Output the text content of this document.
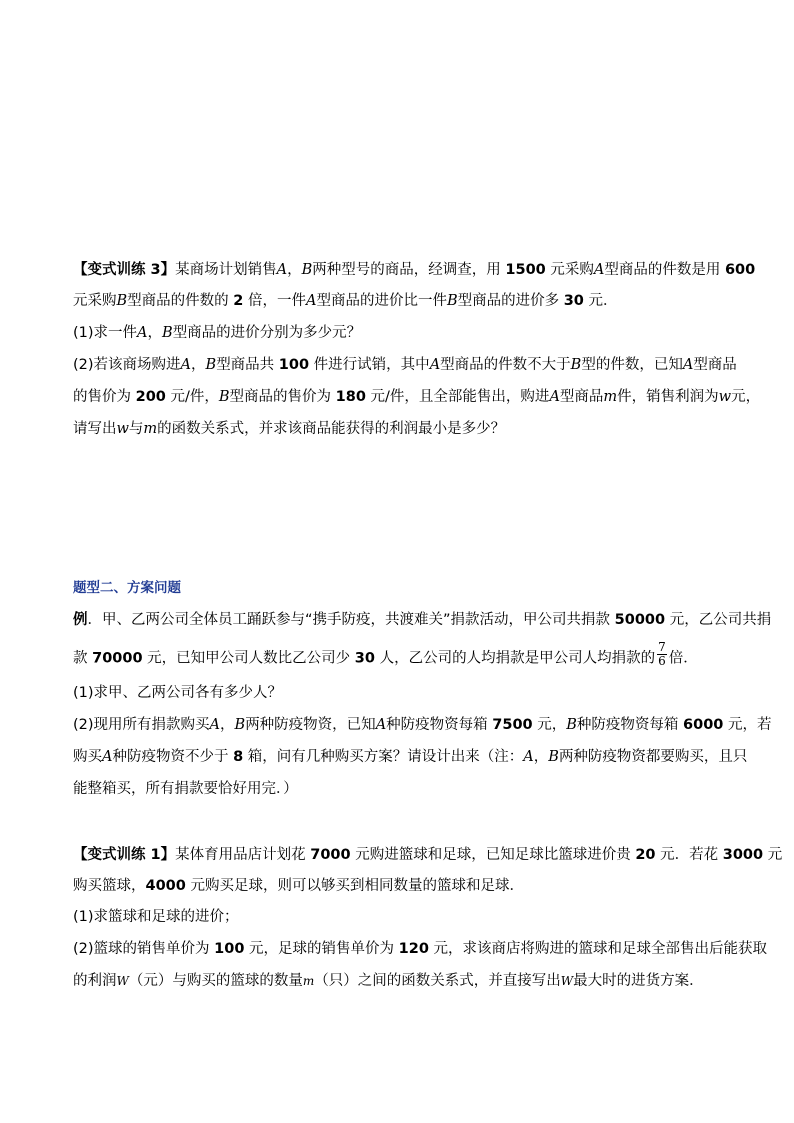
【变式训练 3】某商场计划销售A，B两种型号的商品，经调查，用 1500 元采购A型商品的件数是用 600
元采购B型商品的件数的 2 倍，一件A型商品的进价比一件B型商品的进价多 30 元．
(1)求一件A，B型商品的进价分别为多少元？
(2)若该商场购进A，B型商品共 100 件进行试销，其中A型商品的件数不大于B型的件数，已知A型商品
的售价为 200 元/件，B型商品的售价为 180 元/件，且全部能售出，购进A型商品m件，销售利润为w元，
请写出w与m的函数关系式，并求该商品能获得的利润最小是多少？
题型二、方案问题
例．甲、乙两公司全体员工踊跃参与“携手防疫，共渡难关”捐款活动，甲公司共捐款 50000 元，乙公司共捐
款 70000 元，已知甲公司人数比乙公司少 30 人，乙公司的人均捐款是甲公司人均捐款的 $\frac{7}{6}$ 倍．
(1)求甲、乙两公司各有多少人？
(2)现用所有捐款购买A，B两种防疫物资，已知A种防疫物资每箱 7500 元，B种防疫物资每箱 6000 元，若
购买A种防疫物资不少于 8 箱，问有几种购买方案？请设计出来（注：A，B两种防疫物资都要购买，且只
能整箱买，所有捐款要恰好用完．）
【变式训练 1】某体育用品店计划花 7000 元购进篮球和足球，已知足球比篮球进价贵 20 元．若花 3000 元
购买篮球，4000 元购买足球，则可以够买到相同数量的篮球和足球．
(1)求篮球和足球的进价；
(2)篮球的销售单价为 100 元，足球的销售单价为 120 元，求该商店将购进的篮球和足球全部售出后能获取
的利润W（元）与购买的篮球的数量m（只）之间的函数关系式，并直接写出W最大时的进货方案．
